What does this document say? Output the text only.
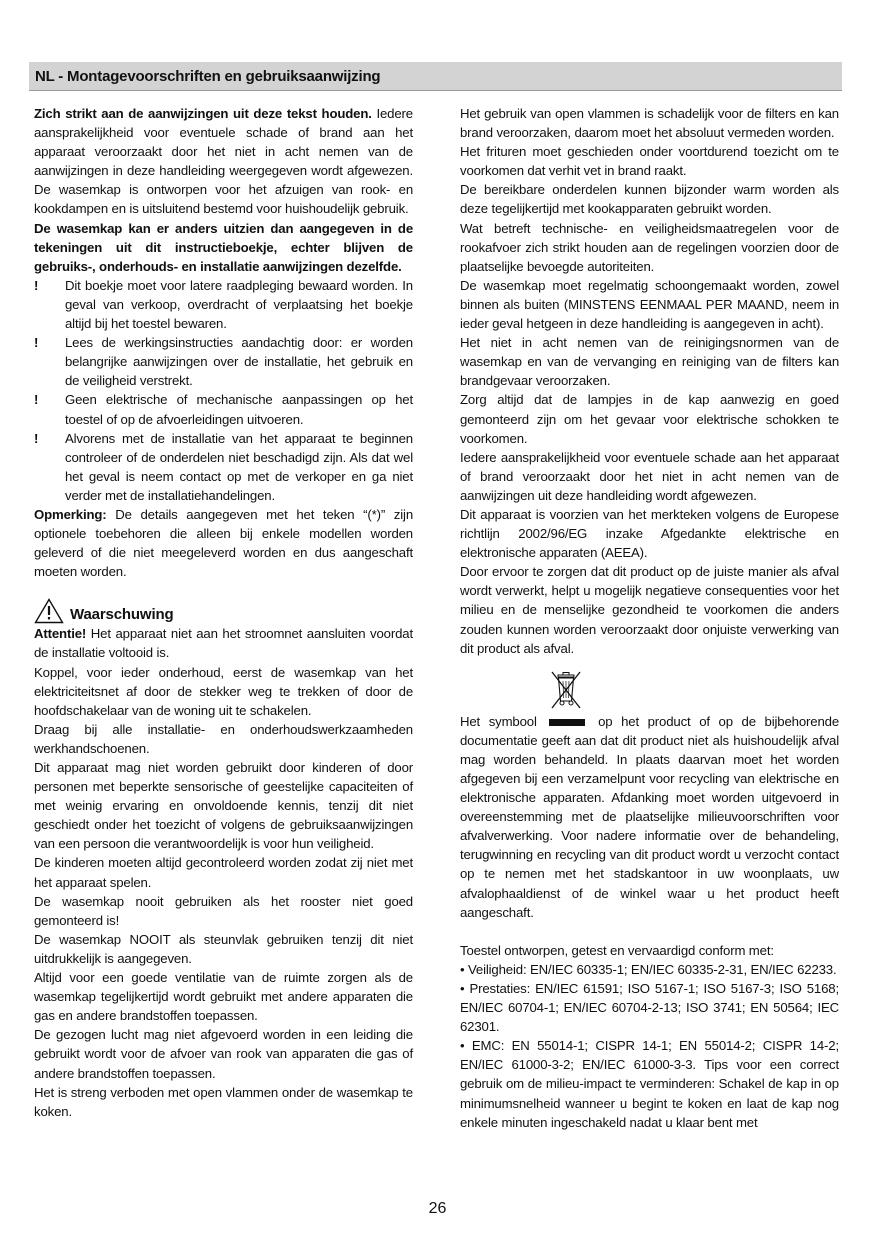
NL - Montagevoorschriften en gebruiksaanwijzing

Zich strikt aan de aanwijzingen uit deze tekst houden. Iedere aansprakelijkheid voor eventuele schade of brand aan het apparaat veroorzaakt door het niet in acht nemen van de aanwijzingen in deze handleiding weergegeven wordt afgewezen. De wasemkap is ontworpen voor het afzuigen van rook- en kookdampen en is uitsluitend bestemd voor huishoudelijk gebruik.

De wasemkap kan er anders uitzien dan aangegeven in de tekeningen uit dit instructieboekje, echter blijven de gebruiks-, onderhouds- en installatie aanwijzingen dezelfde.

! Dit boekje moet voor latere raadpleging bewaard worden. In geval van verkoop, overdracht of verplaatsing het boekje altijd bij het toestel bewaren.
! Lees de werkingsinstructies aandachtig door: er worden belangrijke aanwijzingen over de installatie, het gebruik en de veiligheid verstrekt.
! Geen elektrische of mechanische aanpassingen op het toestel of op de afvoerleidingen uitvoeren.
! Alvorens met de installatie van het apparaat te beginnen controleer of de onderdelen niet beschadigd zijn. Als dat wel het geval is neem contact op met de verkoper en ga niet verder met de installatiehandelingen.

Opmerking: De details aangegeven met het teken “(*)” zijn optionele toebehoren die alleen bij enkele modellen worden geleverd of die niet meegeleverd worden en dus aangeschaft moeten worden.

Waarschuwing

Attentie! Het apparaat niet aan het stroomnet aansluiten voordat de installatie voltooid is.

Koppel, voor ieder onderhoud, eerst de wasemkap van het elektriciteitsnet af door de stekker weg te trekken of door de hoofdschakelaar van de woning uit te schakelen.

Draag bij alle installatie- en onderhoudswerkzaamheden werkhandschoenen.

Dit apparaat mag niet worden gebruikt door kinderen of door personen met beperkte sensorische of geestelijke capaciteiten of met weinig ervaring en onvoldoende kennis, tenzij dit niet geschiedt onder het toezicht of volgens de gebruiksaanwijzingen van een persoon die verantwoordelijk is voor hun veiligheid.

De kinderen moeten altijd gecontroleerd worden zodat zij niet met het apparaat spelen.

De wasemkap nooit gebruiken als het rooster niet goed gemonteerd is!

De wasemkap NOOIT als steunvlak gebruiken tenzij dit niet uitdrukkelijk is aangegeven.

Altijd voor een goede ventilatie van de ruimte zorgen als de wasemkap tegelijkertijd wordt gebruikt met andere apparaten die gas en andere brandstoffen toepassen.

De gezogen lucht mag niet afgevoerd worden in een leiding die gebruikt wordt voor de afvoer van rook van apparaten die gas of andere brandstoffen toepassen.

Het is streng verboden met open vlammen onder de wasemkap te koken.

Het gebruik van open vlammen is schadelijk voor de filters en kan brand veroorzaken, daarom moet het absoluut vermeden worden.

Het frituren moet geschieden onder voortdurend toezicht om te voorkomen dat verhit vet in brand raakt.

De bereikbare onderdelen kunnen bijzonder warm worden als deze tegelijkertijd met kookapparaten gebruikt worden.

Wat betreft technische- en veiligheidsmaatregelen voor de rookafvoer zich strikt houden aan de regelingen voorzien door de plaatselijke bevoegde autoriteiten.

De wasemkap moet regelmatig schoongemaakt worden, zowel binnen als buiten (MINSTENS EENMAAL PER MAAND, neem in ieder geval hetgeen in deze handleiding is aangegeven in acht).

Het niet in acht nemen van de reinigingsnormen van de wasemkap en van de vervanging en reiniging van de filters kan brandgevaar veroorzaken.

Zorg altijd dat de lampjes in de kap aanwezig en goed gemonteerd zijn om het gevaar voor elektrische schokken te voorkomen.

Iedere aansprakelijkheid voor eventuele schade aan het apparaat of brand veroorzaakt door het niet in acht nemen van de aanwijzingen uit deze handleiding wordt afgewezen.

Dit apparaat is voorzien van het merkteken volgens de Europese richtlijn 2002/96/EG inzake Afgedankte elektrische en elektronische apparaten (AEEA).

Door ervoor te zorgen dat dit product op de juiste manier als afval wordt verwerkt, helpt u mogelijk negatieve consequenties voor het milieu en de menselijke gezondheid te voorkomen die anders zouden kunnen worden veroorzaakt door onjuiste verwerking van dit product als afval.

Het symbool	op het product of op de bijbehorende documentatie geeft aan dat dit product niet als huishoudelijk afval mag worden behandeld. In plaats daarvan moet het worden afgegeven bij een verzamelpunt voor recycling van elektrische en elektronische apparaten. Afdanking moet worden uitgevoerd in overeenstemming met de plaatselijke milieuvoorschriften voor afvalverwerking. Voor nadere informatie over de behandeling, terugwinning en recycling van dit product wordt u verzocht contact op te nemen met het stadskantoor in uw woonplaats, uw afvalophaaldienst of de winkel waar u het product heeft aangeschaft.

Toestel ontworpen, getest en vervaardigd conform met:

• Veiligheid: EN/IEC 60335-1; EN/IEC 60335-2-31, EN/IEC 62233.

• Prestaties: EN/IEC 61591; ISO 5167-1; ISO 5167-3; ISO 5168; EN/IEC 60704-1; EN/IEC 60704-2-13; ISO 3741; EN 50564; IEC 62301.

• EMC: EN 55014-1; CISPR 14-1; EN 55014-2; CISPR 14-2; EN/IEC 61000-3-2; EN/IEC 61000-3-3. Tips voor een correct gebruik om de milieu-impact te verminderen: Schakel de kap in op minimumsnelheid wanneer u begint te koken en laat de kap nog enkele minuten ingeschakeld nadat u klaar bent met

26
